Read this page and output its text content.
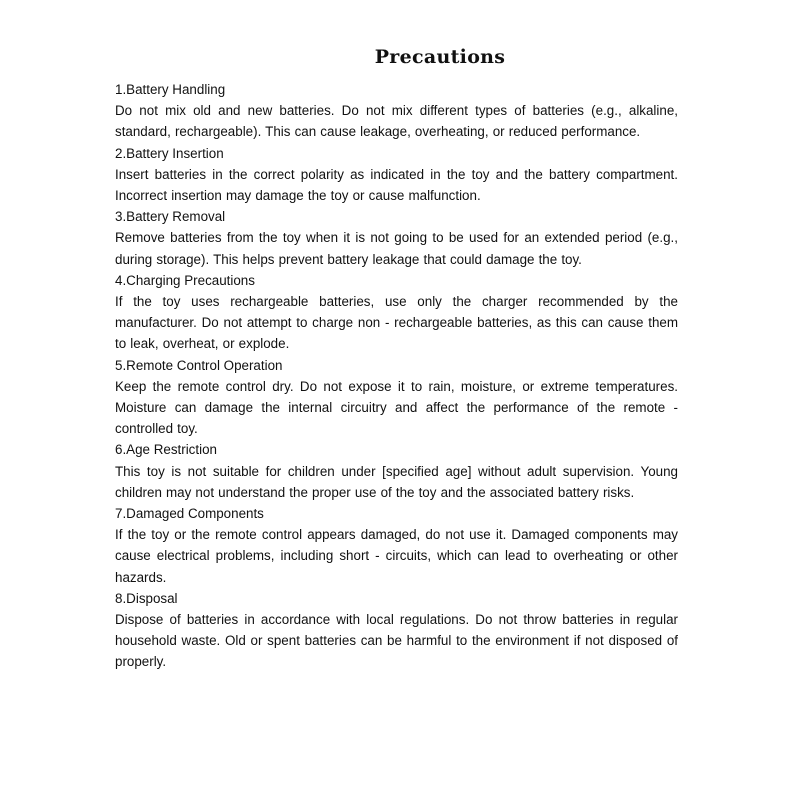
Precautions

1.Battery Handling

Do not mix old and new batteries. Do not mix different types of batteries (e.g., alkaline, standard, rechargeable). This can cause leakage, overheating, or reduced performance.

2.Battery Insertion

Insert batteries in the correct polarity as indicated in the toy and the battery compartment. Incorrect insertion may damage the toy or cause malfunction.

3.Battery Removal

Remove batteries from the toy when it is not going to be used for an extended period (e.g., during storage). This helps prevent battery leakage that could damage the toy.

4.Charging Precautions

If the toy uses rechargeable batteries, use only the charger recommended by the manufacturer. Do not attempt to charge non - rechargeable batteries, as this can cause them to leak, overheat, or explode.

5.Remote Control Operation

Keep the remote control dry. Do not expose it to rain, moisture, or extreme temperatures. Moisture can damage the internal circuitry and affect the performance of the remote - controlled toy.

6.Age Restriction

This toy is not suitable for children under [specified age] without adult supervision. Young children may not understand the proper use of the toy and the associated battery risks.

7.Damaged Components

If the toy or the remote control appears damaged, do not use it. Damaged components may cause electrical problems, including short - circuits, which can lead to overheating or other hazards.

8.Disposal

Dispose of batteries in accordance with local regulations. Do not throw batteries in regular household waste. Old or spent batteries can be harmful to the environment if not disposed of properly.
